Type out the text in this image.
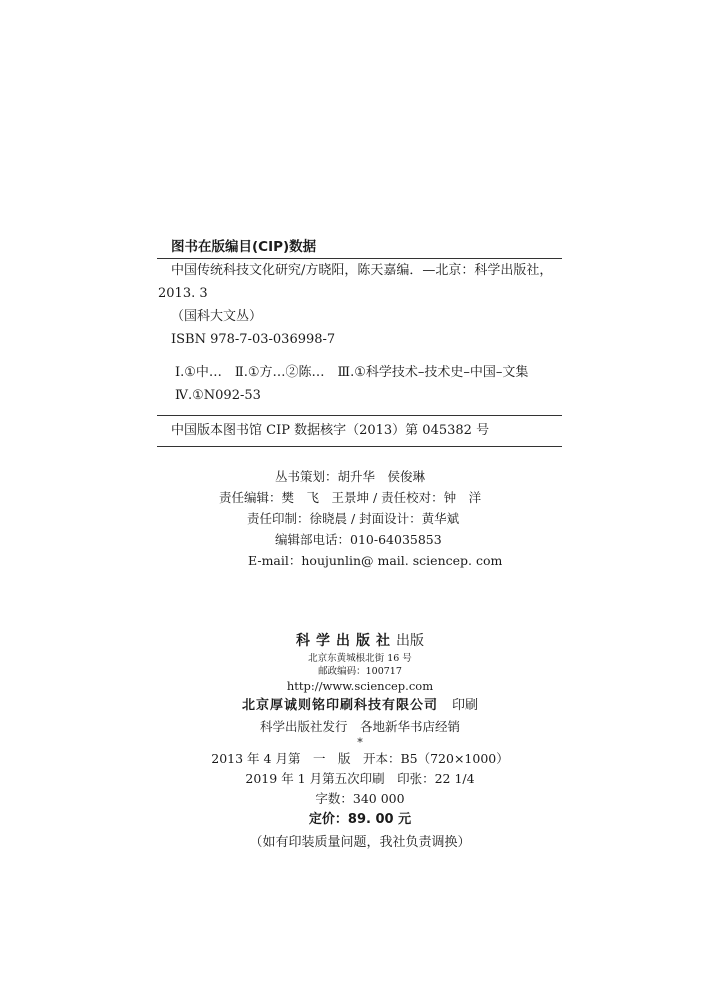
图书在版编目(CIP)数据
中国传统科技文化研究/方晓阳，陈天嘉编．—北京：科学出版社，
2013. 3
（国科大文丛）
ISBN 978-7-03-036998-7
Ⅰ.①中…　Ⅱ.①方…②陈…　Ⅲ.①科学技术–技术史–中国–文集
Ⅳ.①N092-53
中国版本图书馆 CIP 数据核字（2013）第 045382 号
丛书策划：胡升华　侯俊琳
责任编辑：樊　飞　王景坤 / 责任校对：钟　洋
责任印制：徐晓晨 / 封面设计：黄华斌
编辑部电话：010-64035853
E-mail：houjunlin@ mail. sciencep. com
科学出版社出版
北京东黄城根北街 16 号
邮政编码：100717
http://www.sciencep.com
北京厚诚则铭印刷科技有限公司　 印刷
科学出版社发行　各地新华书店经销
*
2013 年 4 月第　一　版　开本：B5（720×1000）
2019 年 1 月第五次印刷　印张：22 1/4
字数：340 000
定价：89. 00 元
（如有印装质量问题，我社负责调换）
